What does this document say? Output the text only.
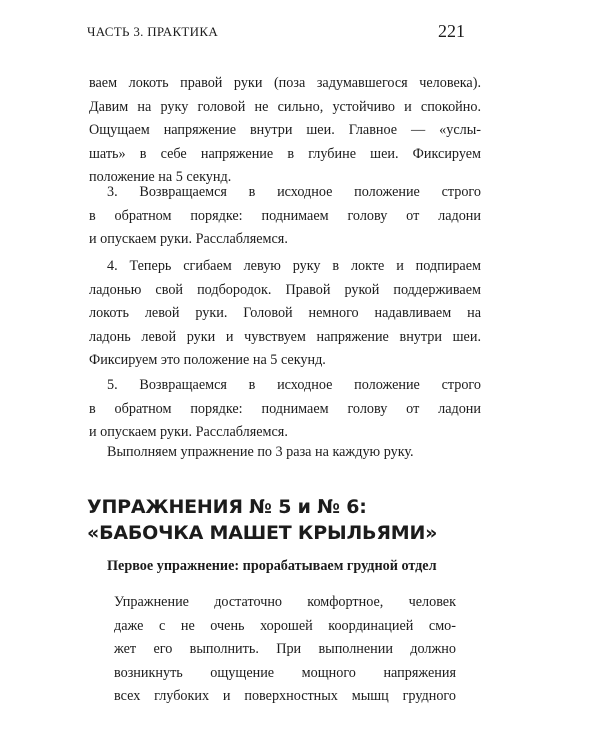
ЧАСТЬ 3. ПРАКТИКА	221
ваем локоть правой руки (поза задумавшегося человека).
Давим на руку головой не сильно, устойчиво и спокойно.
Ощущаем напряжение внутри шеи. Главное — «услы-
шать» в себе напряжение в глубине шеи. Фиксируем
положение на 5 секунд.
3. Возвращаемся в исходное положение строго
в обратном порядке: поднимаем голову от ладони
и опускаем руки. Расслабляемся.
4. Теперь сгибаем левую руку в локте и подпираем
ладонью свой подбородок. Правой рукой поддерживаем
локоть левой руки. Головой немного надавливаем на
ладонь левой руки и чувствуем напряжение внутри шеи.
Фиксируем это положение на 5 секунд.
5. Возвращаемся в исходное положение строго
в обратном порядке: поднимаем голову от ладони
и опускаем руки. Расслабляемся.
Выполняем упражнение по 3 раза на каждую руку.
УПРАЖНЕНИЯ № 5 и № 6:
«БАБОЧКА МАШЕТ КРЫЛЬЯМИ»
Первое упражнение: прорабатываем грудной отдел
Упражнение достаточно комфортное, человек
даже с не очень хорошей координацией смо-
жет его выполнить. При выполнении должно
возникнуть ощущение мощного напряжения
всех глубоких и поверхностных мышц грудного
